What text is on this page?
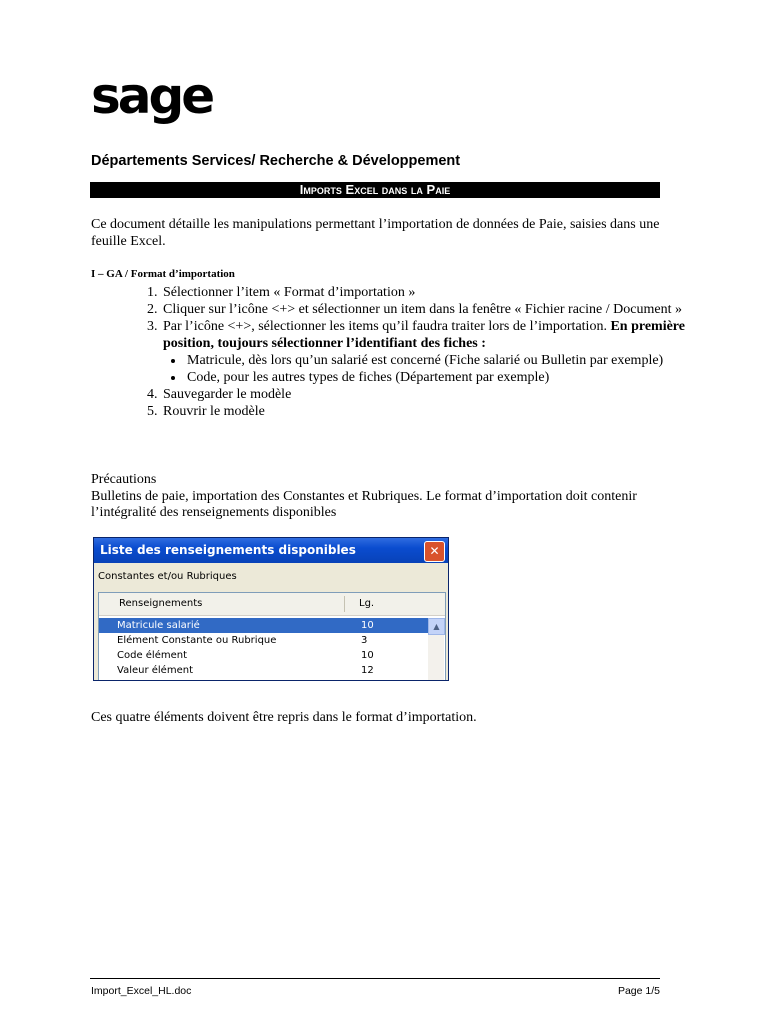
sage
Départements Services/ Recherche & Développement
Imports Excel dans la Paie
Ce document détaille les manipulations permettant l’importation de données de Paie, saisies dans une feuille Excel.
I – GA / Format d’importation
1. Sélectionner l’item « Format d’importation »
2. Cliquer sur l’icône <+> et sélectionner un item dans la fenêtre « Fichier racine / Document »
3. Par l’icône <+>, sélectionner les items qu’il faudra traiter lors de l’importation. En première position, toujours sélectionner l’identifiant des fiches :
• Matricule, dès lors qu’un salarié est concerné (Fiche salarié ou Bulletin par exemple)
• Code, pour les autres types de fiches (Département par exemple)
4. Sauvegarder le modèle
5. Rouvrir le modèle
Précautions
Bulletins de paie, importation des Constantes et Rubriques. Le format d’importation doit contenir l’intégralité des renseignements disponibles
Liste des renseignements disponibles	✕
Constantes et/ou Rubriques
Renseignements	Lg.
Matricule salarié	10
Elément Constante ou Rubrique	3
Code élément	10
Valeur élément	12
▲
Ces quatre éléments doivent être repris dans le format d’importation.
Import_Excel_HL.doc	Page 1/5
